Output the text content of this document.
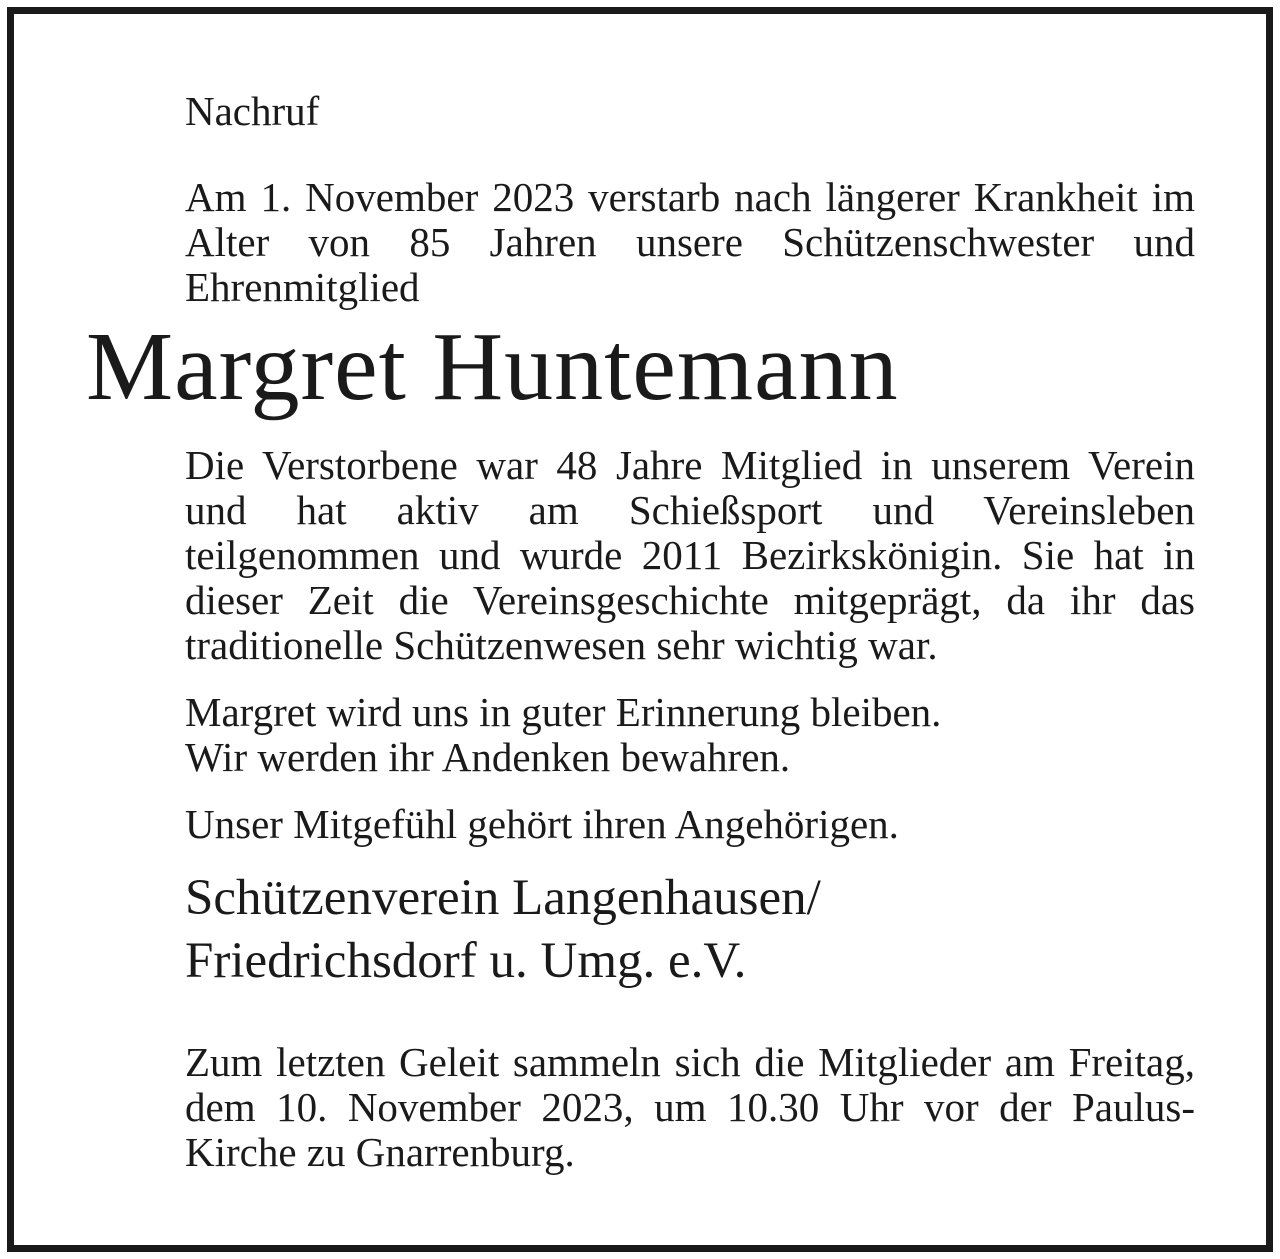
Nachruf

Am 1. November 2023 verstarb nach längerer Krankheit im Alter von 85 Jahren unsere Schützenschwester und Ehrenmitglied

Margret Huntemann

Die Verstorbene war 48 Jahre Mitglied in unserem Verein und hat aktiv am Schießsport und Vereinsleben teilgenommen und wurde 2011 Bezirkskönigin. Sie hat in dieser Zeit die Vereinsgeschichte mitgeprägt, da ihr das traditionelle Schützenwesen sehr wichtig war.

Margret wird uns in guter Erinnerung bleiben.
Wir werden ihr Andenken bewahren.

Unser Mitgefühl gehört ihren Angehörigen.

Schützenverein Langenhausen/
Friedrichsdorf u. Umg. e.V.

Zum letzten Geleit sammeln sich die Mitglieder am Freitag, dem 10. November 2023, um 10.30 Uhr vor der Paulus-Kirche zu Gnarrenburg.
